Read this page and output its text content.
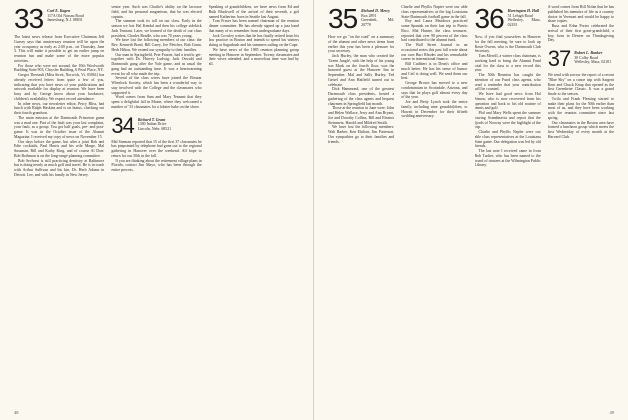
33 Carl E. Kagen
117A Old Nassau Road
Jamesburg, N.J. 08831

The latest news release from Executive Chairman Jeff Gursey says that anniversary reunion will be upon the year occupancy as early as 2:00 p.m., on Thursday, June 3. This will make it possible to get an earlier jump on reunion fun and make some of the more popular activities.

For those who were not around, the 10th Woolworth Building Suite 903, Chrysler Building, 6 Pearl Place, NY.

Gregor Theriault (Miss Streit, Norwich, Vt. 05061) has already received letters from quite a few of you, indicating that you have news of your publications and artwork available for display at reunion. We have been busy and by George know about your bookstore, children's availability. We expect record attendance.

In other news, our newsletter editor, Percy Bliss, had lunch with Ralph Haskins and is on hiatus, checking out their fourth grandson.

The main mission at the Dartmouth Princeton game was a mad one. Part of the fault was your last complaint, your fault, as a group. You got half goals, pre- and post-game. It was in the October issue of the Alumni Magazine. I received my copy of news on November 15.

Our days before the game, but after a joint Bob and Edie cocktails, Paul Harris and his wife Marge, Mal Sussman, Bill and Kathy King, and of course Al Dorr. Bob Rothman is on the long-range planning committee.

Bob Sechrest is still practicing dentistry at Baltimore but is doing nearly as much golf and travel. He is in touch with Arthur Sullivan and his kin, Dr. Herb Adams in Detroit. Lee, and with his family in New Jersey.

senior year. Such was Charlie's ability on the lacrosse field, and his personal magnetism, that he was elected captain.

The summer took its toll on our class. Early in the season we lost Hal Kendal and then his college sidekick Jack Tennant. Later, we learned of the death of our class president, Charles Beadle, who was 70 years young.

We have lost the following members of our class: the Rev. Kenneth Bond, Bill Carey, Joe Fletcher, Bob Grant, Herb Hilton. We extend our sympathy to their families.

Our man in Springfield, Pete Frazier, had a terrific get-together with Dr. Harvey Ludwig, Jack Oswald and Dartmouth gang after the Yale game, and as usual the gang had an outstanding time. It was a heartwarming event for all who made the trip.

Several of the class wives have joined the Eleazar Wheelock Society, which has been a wonderful way to stay involved with the College and the classmates who supported it.

Word comes from Sam and Mary Tennant that they spent a delightful fall in Maine, where they welcomed a number of '33 classmates for a lobster bake on the shore.

34 Richard T. Grant
1300 Indian Drive
Lincoln, Nebr. 68521

Mal Seaman reported that 15 of the first 37 classmates he has pinpointed by telephone had gone out to the regional gathering in Hanover over the weekend. All hope to return for our 50th in the fall.

If you are thinking about the retirement village plans in Florida, contact Jim Mayo, who has been through the entire process.

Speaking of grandchildren, we have news from Ed and Ruth Blackwell of the arrival of their seventh, a girl named Katherine, born in Seattle last August.

Tom Fraser has been named chairman of the reunion dinner committee. He has already signed up a jazz band that many of us remember from undergraduate days.

Jack Crowley writes that he has finally retired from his law practice in Boston and intends to spend his winters skiing at Sugarbush and his summers sailing on the Cape.

We have news of the 1985 reunion planning group meeting in Hanover in September. Twenty classmates and their wives attended, and a marvelous time was had by all.

48
35 Richard D. Mercy
Box 2891
Greenbelt, Md. 20770

How we go "on the road" on a summary of the alumni and other news items from earlier this year has been a pleasure for your secretary.

Jack Hurley, the man who created the 'Green Jungle', with the help of his young son Mark on the fourth floor, was the honored guest at the Hanover Inn in September. Mal and Sally Hurley, Ted Geisel and Ann Hatfield turned out to celebrate.

Dick Hammond, one of the greatest Dartmouth class presidents, hosted a gathering of the class agents and bequest chairmen in Springfield last month.

Those at the reunion in June were: John and Helen Wallace, Jerry and Ann Bryant, Joe and Dorothy Collins, Bill and Eleanor Steinmetz, Harold and Mildred Smith.

We have lost the following members: Walt Barber, Ken Ehrhart, Jim Patterson. Our sympathies go to their families and friends.

Charlie and Phyllis Napier were our able class representatives at the big Louisiana State-Dartmouth football game in the fall.

Roy and Laura Meadows practiced some Spanish on their last trip to Puerto Rico. Mal Hunter, the class treasurer, reported that over 90 percent of the class had contributed to the alumni fund.

The Wall Street Journal in an occasional series this past fall wrote about our own Burt Rhodes and his remarkable career in international finance.

Bill Cuthbert is in Dean's office and much better. He has his sense of humor and Ceil is doing well. We send them our best.

George Brown has moved to a new condominium in Scottsdale, Arizona, and says that he plays golf almost every day of the year.

Joe and Betty Lynch took the entire family, including nine grandchildren, to Hawaii in December for their fiftieth wedding anniversary.

36 Harrington H. Hall
51 Lehigh Road
Wellesley, Mass. 02181

Now, if you find yourselves in Hanover for the fall meeting, be sure to look up Rosie Owens, who is the Dartmouth Club Secretary.

Tom Merrill, a winter class chairman, is working hard to bring the Alumni Fund total for the class to a new record this year.

The 50th Reunion has caught the attention of our Fund class agents, who send a reminder that your contribution will be counted.

We have had good news from Hal Simon, who is now recovered from his operation and back to his old routine of tennis and golf.

Phil and Mary Wells spent the summer touring Scandinavia and report that the fjords of Norway were the highlight of the trip.

Charlie and Phyllis Nepler were our able class representatives at the Louisiana State game. Our delegation was led by old friends.

The last note I received came in from Bob Tucker, who has been named to the board of trustees at the Wilmington Public Library.

A word comes from Bill Nolan that he has published his memoirs of life as a country doctor in Vermont and would be happy to share copies.

Russ and Edna Porter celebrated the arrival of their first great-grandchild, a boy, born in Denver on Thanksgiving Day.

37 Robert L. Banker
30 Colby Road
Wellesley, Mass. 02181

We send with sorrow the report of a recent "Blue Sky" on a canoe trip with Sargent Kent and Chuck Knap that opened as the first Greenbrier Classic. It was a grand finale to the season.

Twila and Frank Fleming started to make their plans for the 50th earlier than most of us, and they have been working with the reunion committee since last spring.

Our classmates in the Boston area have formed a luncheon group which meets the first Wednesday of every month at the Harvard Club.

49
